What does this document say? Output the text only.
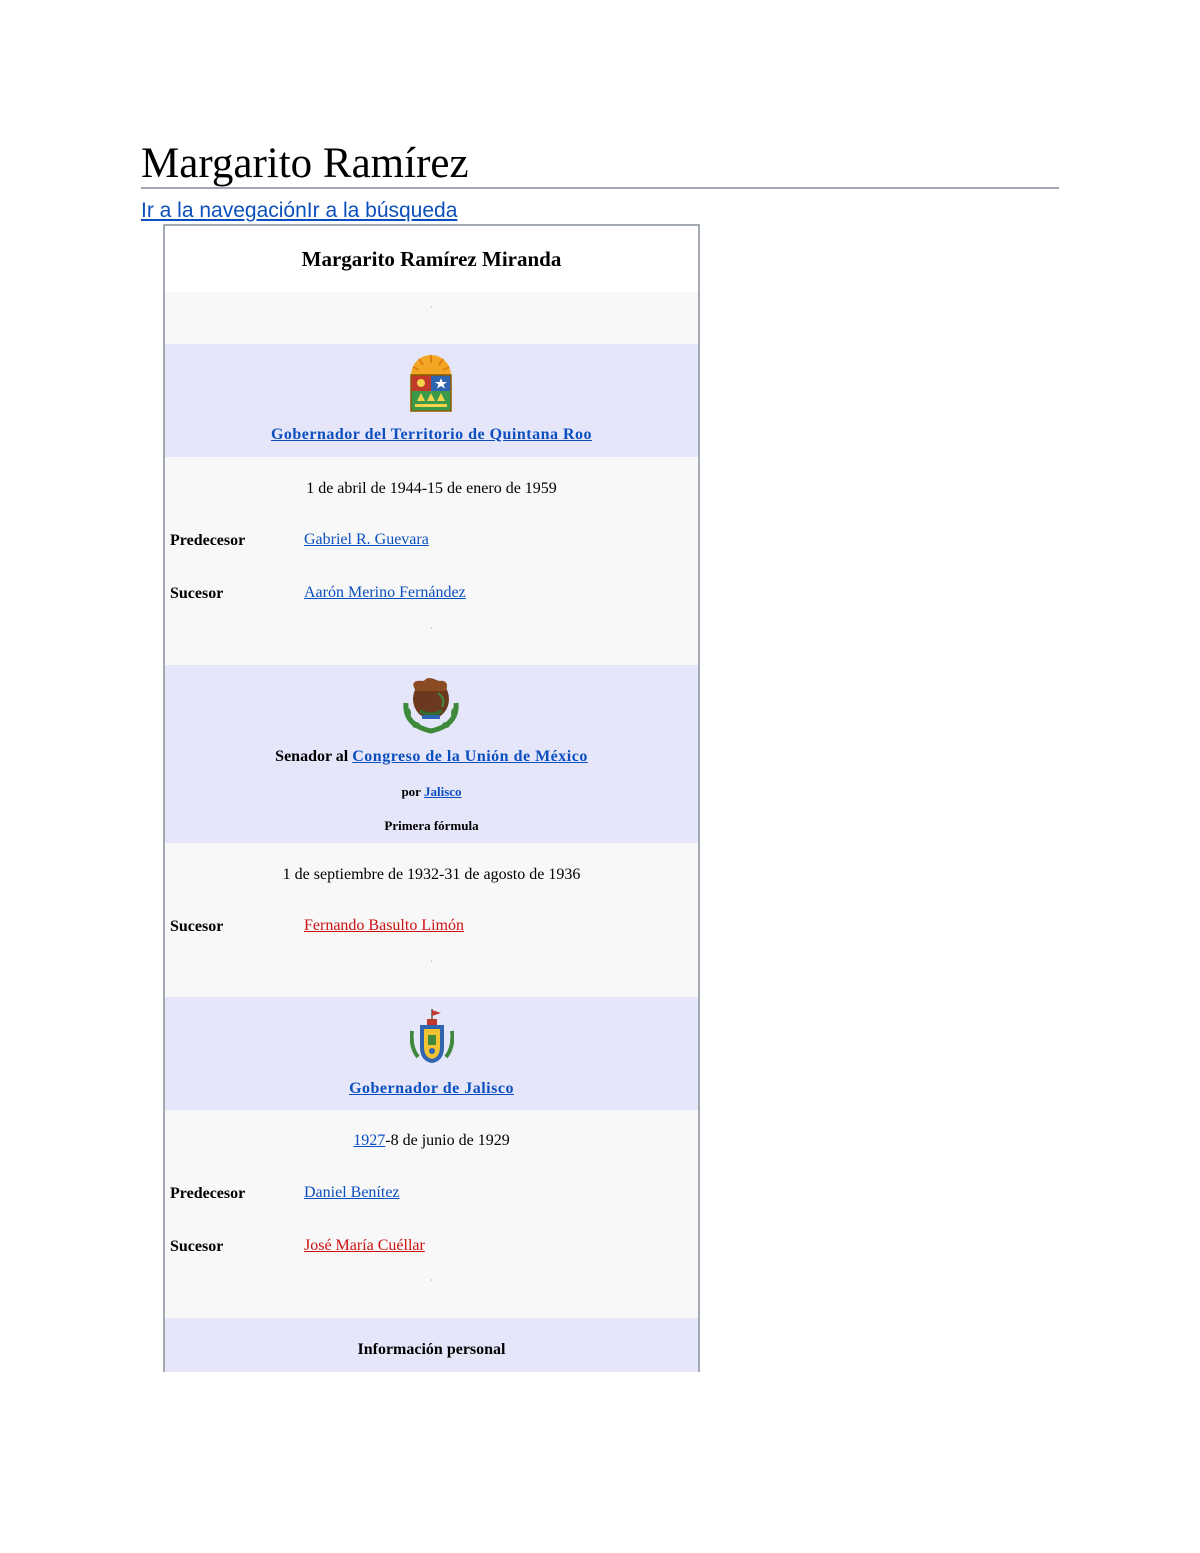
Margarito Ramírez
Ir a la navegaciónIr a la búsqueda
Margarito Ramírez Miranda
·
Gobernador del Territorio de Quintana Roo
1 de abril de 1944-15 de enero de 1959
Predecesor	Gabriel R. Guevara
Sucesor	Aarón Merino Fernández
·
Senador al Congreso de la Unión de México
por Jalisco
Primera fórmula
1 de septiembre de 1932-31 de agosto de 1936
Sucesor	Fernando Basulto Limón
·
Gobernador de Jalisco
1927-8 de junio de 1929
Predecesor	Daniel Benítez
Sucesor	José María Cuéllar
·
Información personal
